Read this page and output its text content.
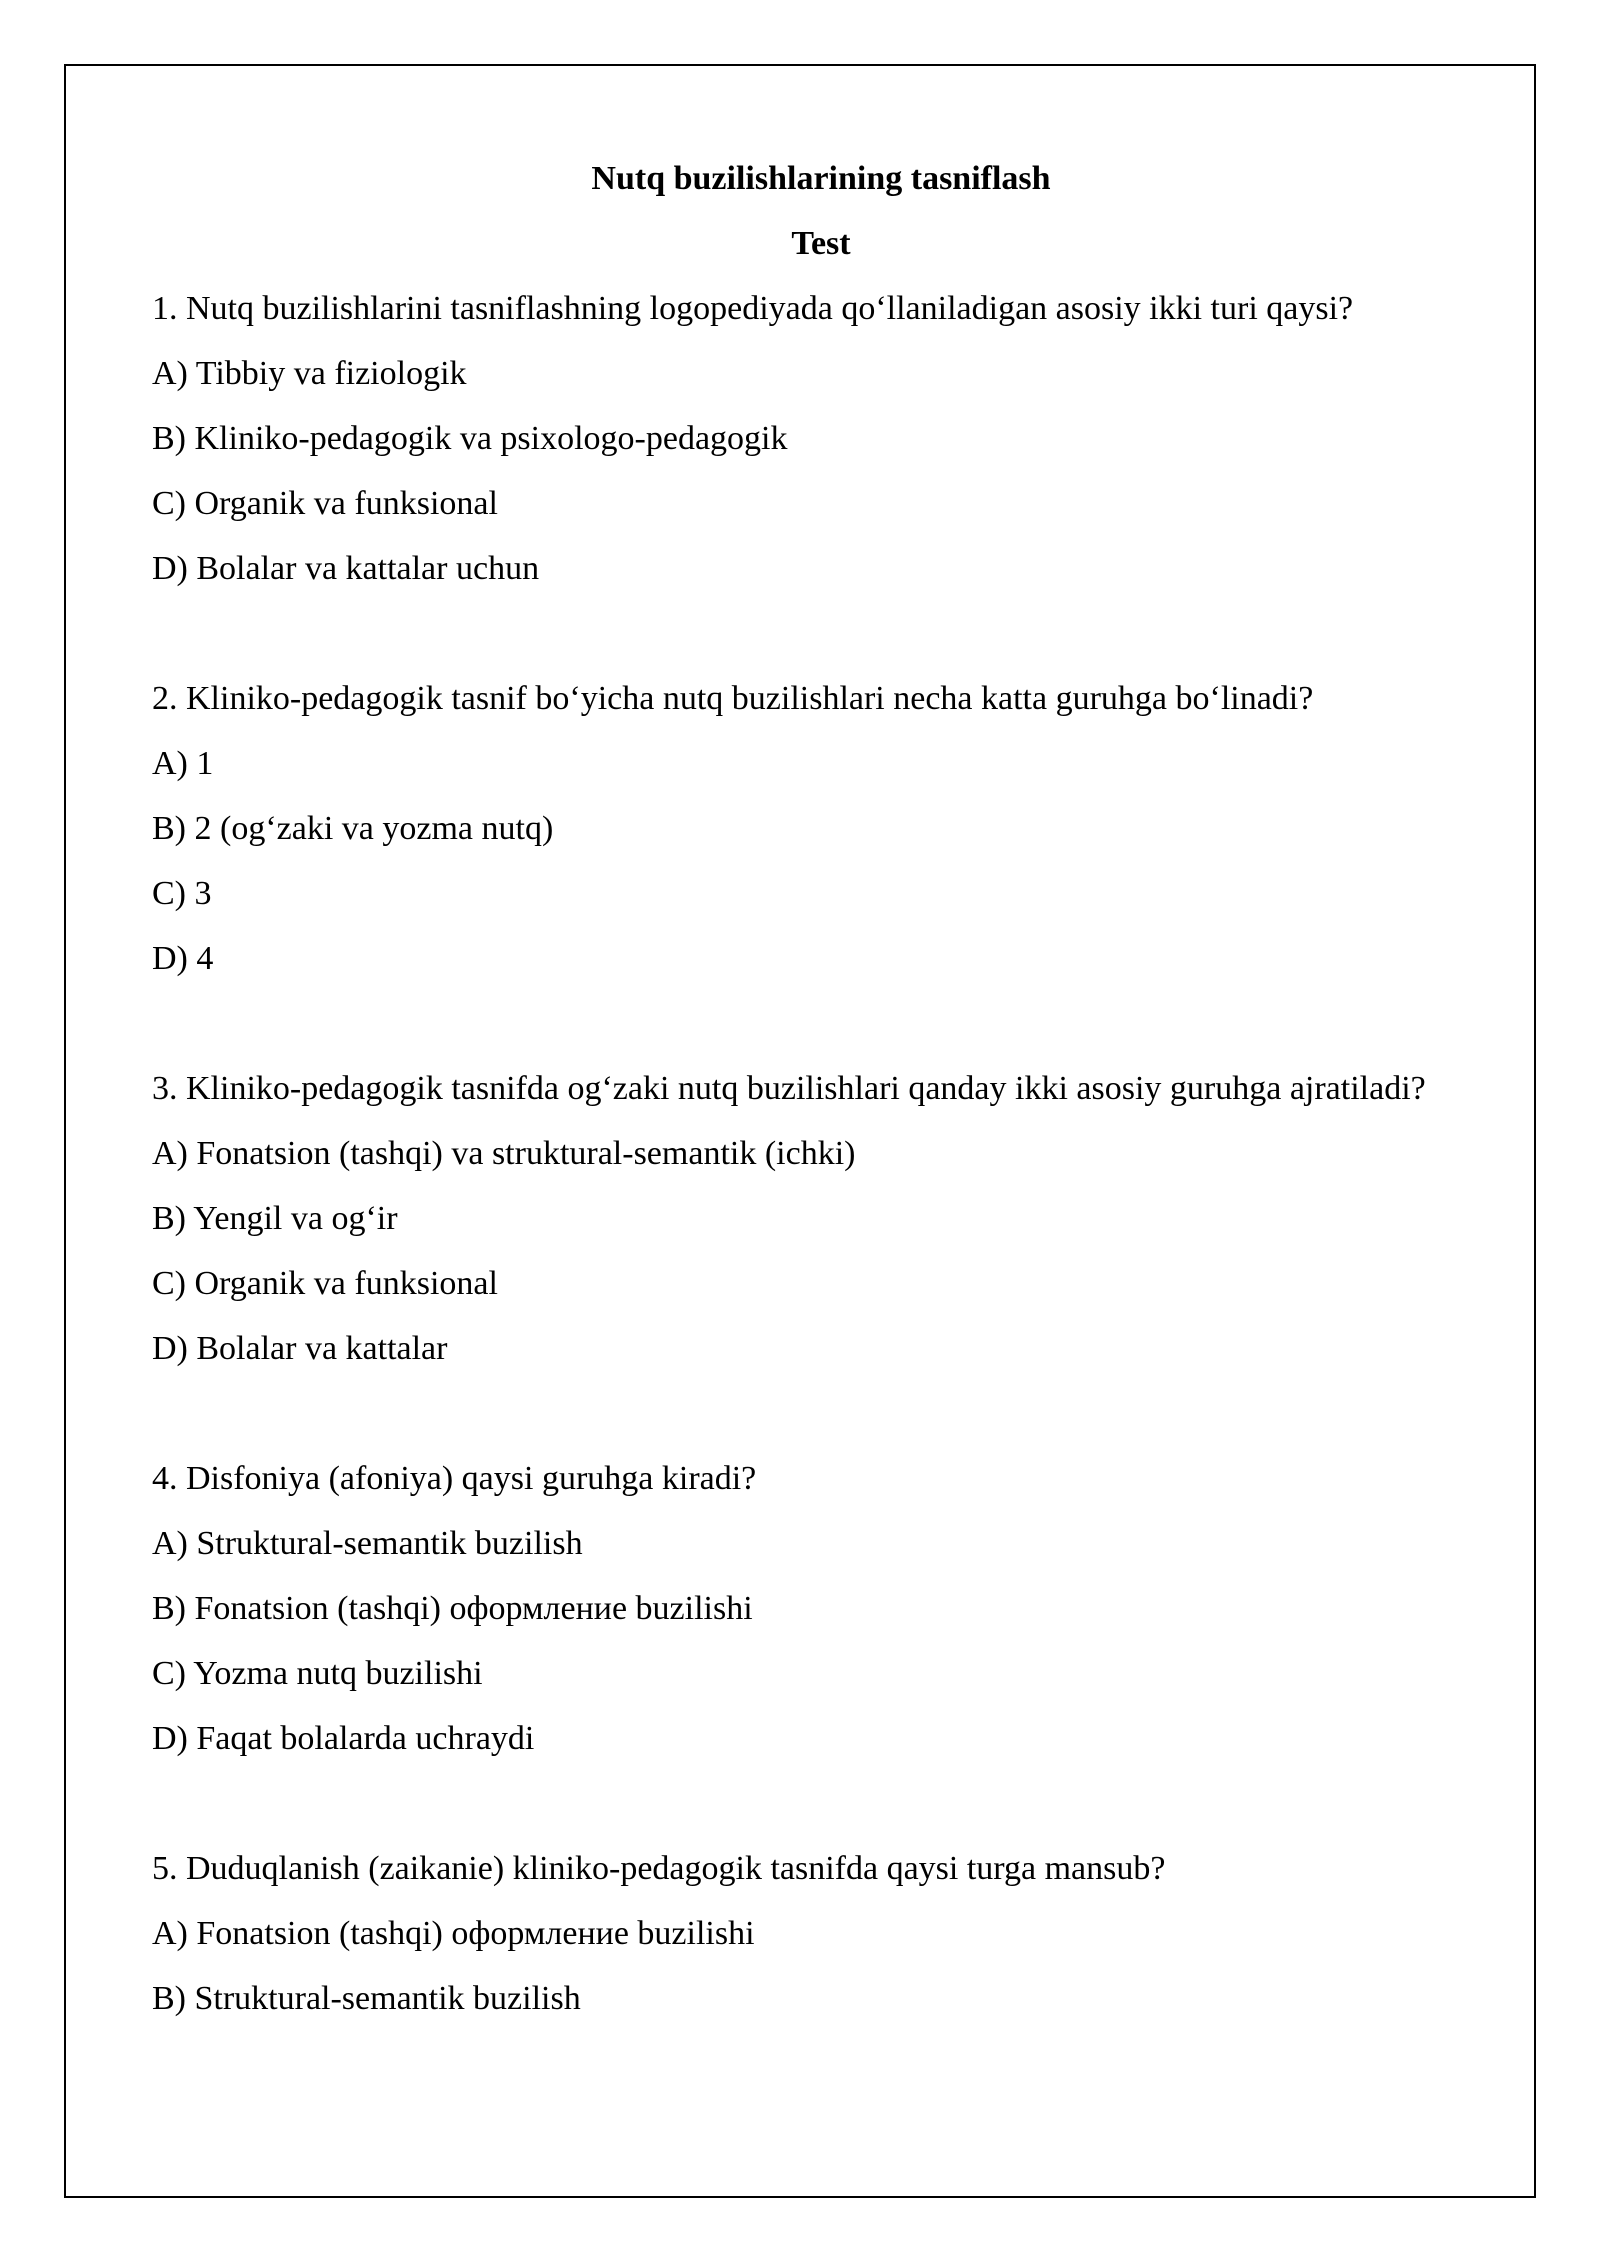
Nutq buzilishlarining tasniflash
Test
1. Nutq buzilishlarini tasniflashning logopediyada qo‘llaniladigan asosiy ikki turi qaysi?
A) Tibbiy va fiziologik
B) Kliniko-pedagogik va psixologo-pedagogik
C) Organik va funksional
D) Bolalar va kattalar uchun
2. Kliniko-pedagogik tasnif bo‘yicha nutq buzilishlari necha katta guruhga bo‘linadi?
A) 1
B) 2 (og‘zaki va yozma nutq)
C) 3
D) 4
3. Kliniko-pedagogik tasnifda og‘zaki nutq buzilishlari qanday ikki asosiy guruhga ajratiladi?
A) Fonatsion (tashqi) va struktural-semantik (ichki)
B) Yengil va og‘ir
C) Organik va funksional
D) Bolalar va kattalar
4. Disfoniya (afoniya) qaysi guruhga kiradi?
A) Struktural-semantik buzilish
B) Fonatsion (tashqi) оформление buzilishi
C) Yozma nutq buzilishi
D) Faqat bolalarda uchraydi
5. Duduqlanish (zaikanie) kliniko-pedagogik tasnifda qaysi turga mansub?
A) Fonatsion (tashqi) оформление buzilishi
B) Struktural-semantik buzilish
